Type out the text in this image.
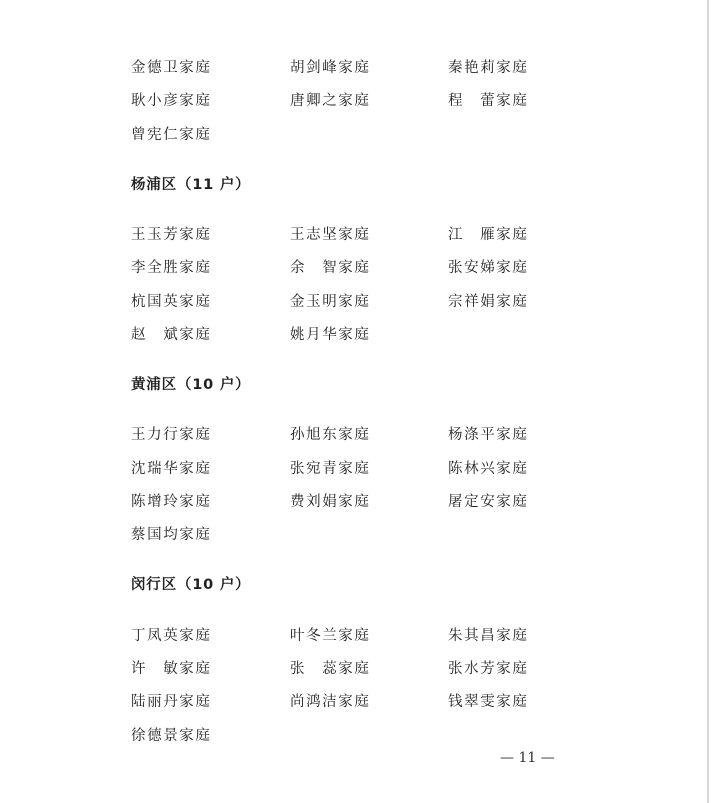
金德卫家庭	胡剑峰家庭	秦艳莉家庭
耿小彦家庭	唐卿之家庭	程　蕾家庭
曾宪仁家庭
杨浦区（11 户）
王玉芳家庭	王志坚家庭	江　雁家庭
李全胜家庭	余　智家庭	张安娣家庭
杭国英家庭	金玉明家庭	宗祥娟家庭
赵　斌家庭	姚月华家庭
黄浦区（10 户）
王力行家庭	孙旭东家庭	杨涤平家庭
沈瑞华家庭	张宛青家庭	陈林兴家庭
陈增玲家庭	费刘娟家庭	屠定安家庭
蔡国均家庭
闵行区（10 户）
丁凤英家庭	叶冬兰家庭	朱其昌家庭
许　敏家庭	张　蕊家庭	张水芳家庭
陆丽丹家庭	尚鸿洁家庭	钱翠雯家庭
徐德景家庭
— 11 —
